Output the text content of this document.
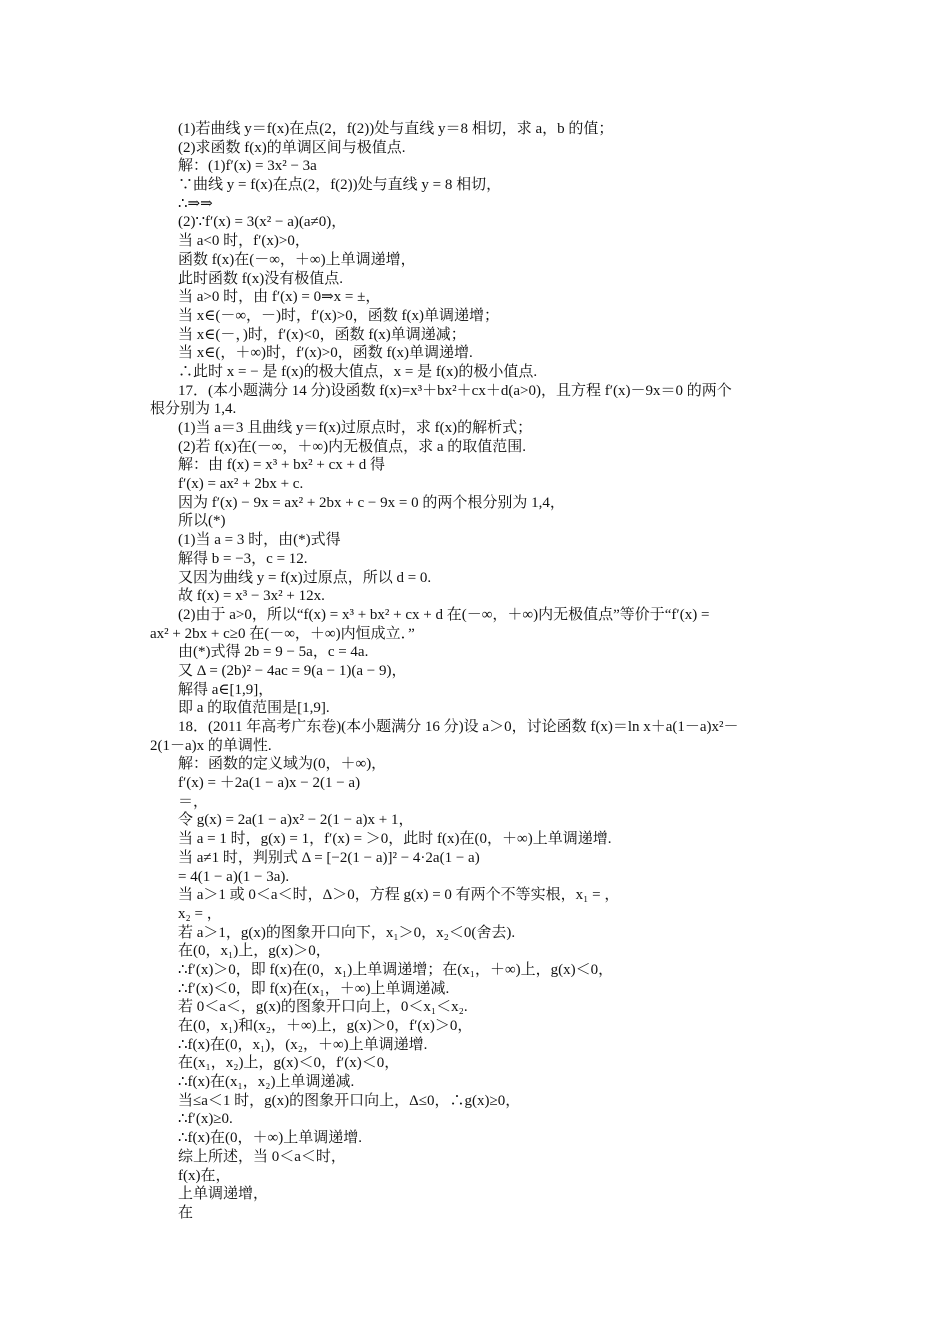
(1)若曲线 y＝f(x)在点(2，f(2))处与直线 y＝8 相切，求 a，b 的值；
(2)求函数 f(x)的单调区间与极值点.
解：(1)f′(x) = 3x² − 3a
∵曲线 y = f(x)在点(2，f(2))处与直线 y = 8 相切，
∴⇒⇒
(2)∵f′(x) = 3(x² − a)(a≠0)，
当 a<0 时，f′(x)>0，
函数 f(x)在(－∞，＋∞)上单调递增，
此时函数 f(x)没有极值点.
当 a>0 时，由 f′(x) = 0⇒x = ±，
当 x∈(－∞，－)时，f′(x)>0，函数 f(x)单调递增；
当 x∈(－，)时，f′(x)<0，函数 f(x)单调递减；
当 x∈(，＋∞)时，f′(x)>0，函数 f(x)单调递增.
∴此时 x = − 是 f(x)的极大值点，x = 是 f(x)的极小值点.
17．(本小题满分 14 分)设函数 f(x)=x³＋bx²＋cx＋d(a>0)，且方程 f′(x)－9x＝0 的两个
根分别为 1,4.
(1)当 a＝3 且曲线 y＝f(x)过原点时，求 f(x)的解析式；
(2)若 f(x)在(－∞，＋∞)内无极值点，求 a 的取值范围.
解：由 f(x) = x³ + bx² + cx + d 得
f′(x) = ax² + 2bx + c.
因为 f′(x) − 9x = ax² + 2bx + c − 9x = 0 的两个根分别为 1,4，
所以(*)
(1)当 a = 3 时，由(*)式得
解得 b = −3，c = 12.
又因为曲线 y = f(x)过原点，所以 d = 0.
故 f(x) = x³ − 3x² + 12x.
(2)由于 a>0，所以“f(x) = x³ + bx² + cx + d 在(－∞，＋∞)内无极值点”等价于“f′(x) =
ax² + 2bx + c≥0 在(－∞，＋∞)内恒成立．”
由(*)式得 2b = 9 − 5a，c = 4a.
又 Δ = (2b)² − 4ac = 9(a − 1)(a − 9)，
解得 a∈[1,9]，
即 a 的取值范围是[1,9].
18．(2011 年高考广东卷)(本小题满分 16 分)设 a＞0，讨论函数 f(x)＝ln x＋a(1－a)x²－
2(1－a)x 的单调性.
解：函数的定义域为(0，＋∞)，
f′(x) = ＋2a(1 − a)x − 2(1 − a)
＝，
令 g(x) = 2a(1 − a)x² − 2(1 − a)x + 1，
当 a = 1 时，g(x) = 1，f′(x) = ＞0，此时 f(x)在(0，＋∞)上单调递增.
当 a≠1 时，判别式 Δ = [−2(1 − a)]² − 4·2a(1 − a)
= 4(1 − a)(1 − 3a).
当 a＞1 或 0＜a＜时，Δ＞0，方程 g(x) = 0 有两个不等实根，x₁ = ，
x₂ = ，
若 a＞1，g(x)的图象开口向下，x₁＞0，x₂＜0(舍去).
在(0，x₁)上，g(x)＞0，
∴f′(x)＞0，即 f(x)在(0，x₁)上单调递增；在(x₁，＋∞)上，g(x)＜0，
∴f′(x)＜0，即 f(x)在(x₁，＋∞)上单调递减.
若 0＜a＜，g(x)的图象开口向上，0＜x₁＜x₂.
在(0，x₁)和(x₂，＋∞)上，g(x)＞0，f′(x)＞0，
∴f(x)在(0，x₁)，(x₂，＋∞)上单调递增.
在(x₁，x₂)上，g(x)＜0，f′(x)＜0，
∴f(x)在(x₁，x₂)上单调递减.
当≤a＜1 时，g(x)的图象开口向上，Δ≤0，∴g(x)≥0，
∴f′(x)≥0.
∴f(x)在(0，＋∞)上单调递增.
综上所述，当 0＜a＜时，
f(x)在，
上单调递增，
在
